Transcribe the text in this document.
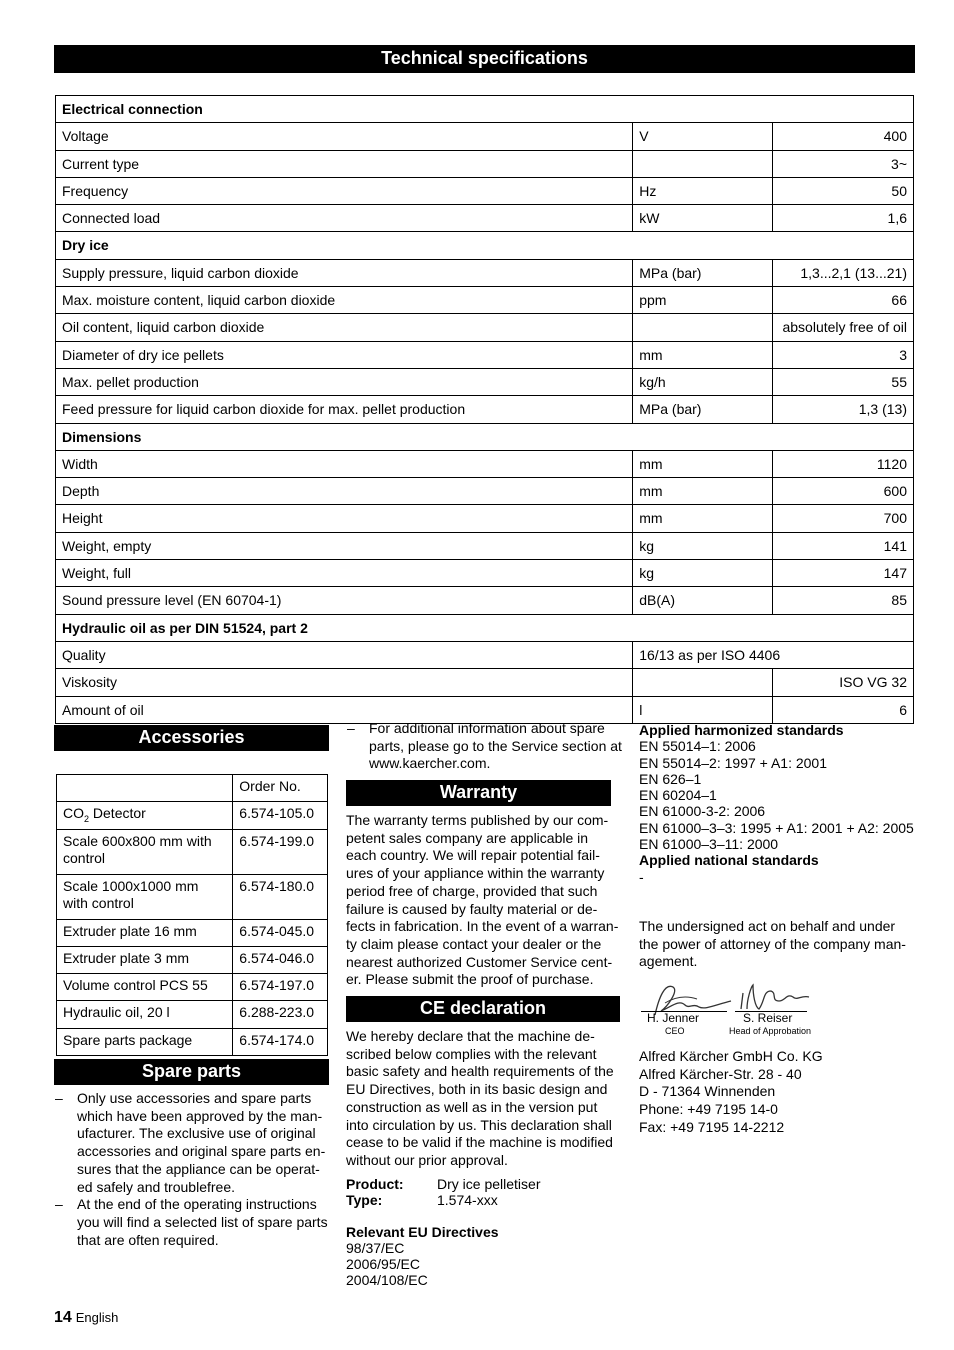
Technical specifications
Electrical connection		
Voltage	V	400
Current type		3~
Frequency	Hz	50
Connected load	kW	1,6
Dry ice		
Supply pressure, liquid carbon dioxide	MPa (bar)	1,3...2,1 (13...21)
Max. moisture content, liquid carbon dioxide	ppm	66
Oil content, liquid carbon dioxide		absolutely free of oil
Diameter of dry ice pellets	mm	3
Max. pellet production	kg/h	55
Feed pressure for liquid carbon dioxide for max. pellet production	MPa (bar)	1,3 (13)
Dimensions		
Width	mm	1120
Depth	mm	600
Height	mm	700
Weight, empty	kg	141
Weight, full	kg	147
Sound pressure level (EN 60704-1)	dB(A)	85
Hydraulic oil as per DIN 51524, part 2		
Quality	16/13 as per ISO 4406	
Viskosity		ISO VG 32
Amount of oil	l	6
Accessories
	Order No.
$CO_2$ Detector	6.574-105.0
Scale 600x800 mm with control	6.574-199.0
Scale 1000x1000 mm with control	6.574-180.0
Extruder plate 16 mm	6.574-045.0
Extruder plate 3 mm	6.574-046.0
Volume control PCS 55	6.574-197.0
Hydraulic oil, 20 l	6.288-223.0
Spare parts package	6.574-174.0
Spare parts
– Only use accessories and spare parts which have been approved by the man- ufacturer. The exclusive use of original accessories and original spare parts en- sures that the appliance can be operat- ed safely and troublefree.
– At the end of the operating instructions you will find a selected list of spare parts that are often required.
– For additional information about spare parts, please go to the Service section at www.kaercher.com.
Warranty
The warranty terms published by our com- petent sales company are applicable in each country. We will repair potential fail- ures of your appliance within the warranty period free of charge, provided that such failure is caused by faulty material or de- fects in fabrication. In the event of a warran- ty claim please contact your dealer or the nearest authorized Customer Service cent- er. Please submit the proof of purchase.
CE declaration
We hereby declare that the machine de- scribed below complies with the relevant basic safety and health requirements of the EU Directives, both in its basic design and construction as well as in the version put into circulation by us. This declaration shall cease to be valid if the machine is modified without our prior approval.
Product:	Dry ice pelletiser
Type:	1.574-xxx
Relevant EU Directives
98/37/EC
2006/95/EC
2004/108/EC
Applied harmonized standards
EN 55014–1: 2006
EN 55014–2: 1997 + A1: 2001
EN 626–1
EN 60204–1
EN 61000-3-2: 2006
EN 61000–3–3: 1995 + A1: 2001 + A2: 2005
EN 61000–3–11: 2000
Applied national standards
-
The undersigned act on behalf and under the power of attorney of the company man- agement.
H. Jenner
CEO
S. Reiser
Head of Approbation
Alfred Kärcher GmbH Co. KG
Alfred Kärcher-Str. 28 - 40
D - 71364 Winnenden
Phone: +49 7195 14-0
Fax: +49 7195 14-2212
14 English
